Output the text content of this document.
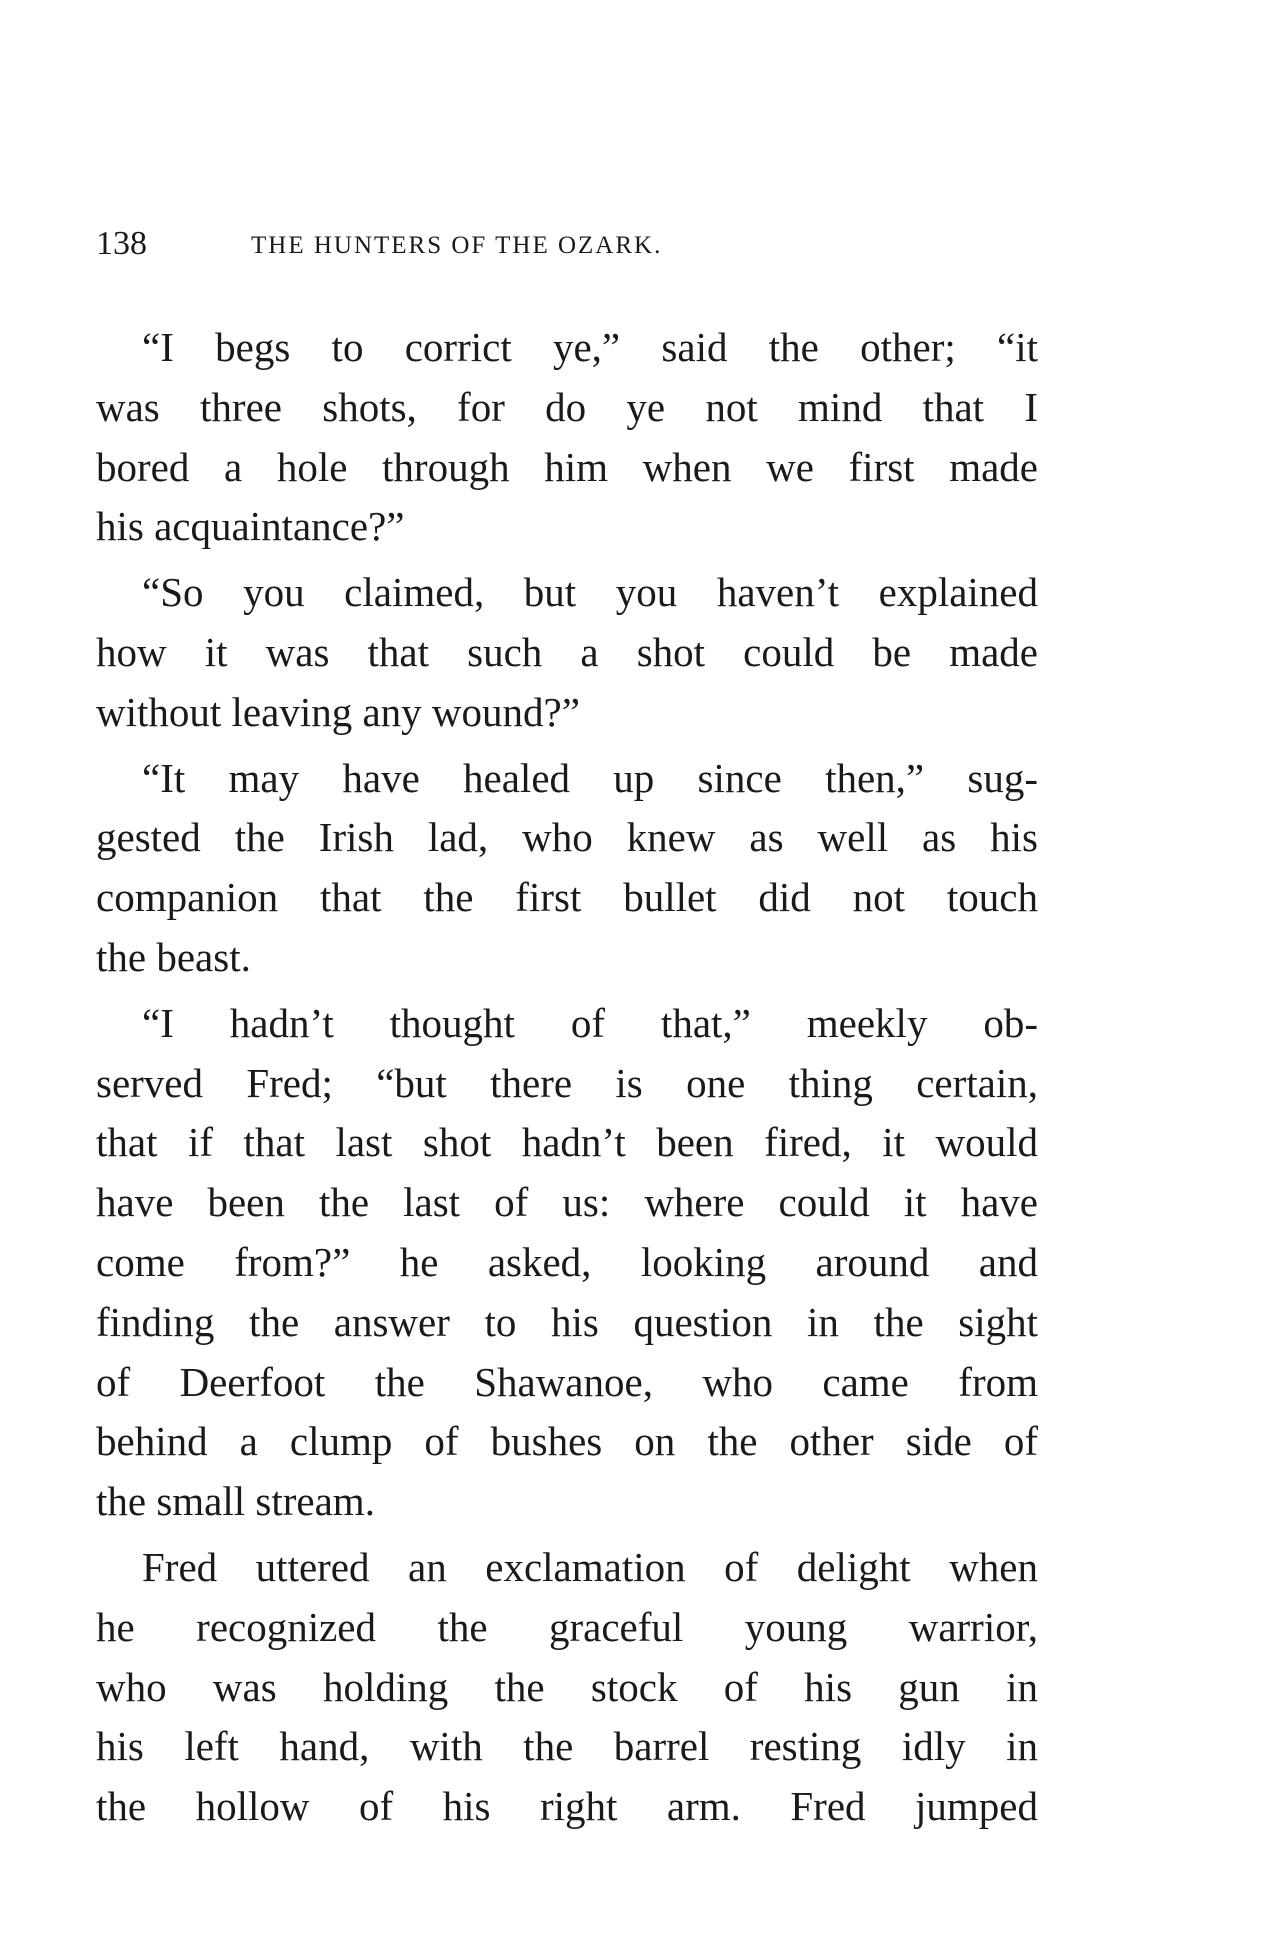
138	THE HUNTERS OF THE OZARK.
“I begs to corrict ye,” said the other; “it
was three shots, for do ye not mind that I
bored a hole through him when we first made
his acquaintance?”
“So you claimed, but you haven’t explained
how it was that such a shot could be made
without leaving any wound?”
“It may have healed up since then,” sug-
gested the Irish lad, who knew as well as his
companion that the first bullet did not touch
the beast.
“I hadn’t thought of that,” meekly ob-
served Fred; “but there is one thing certain,
that if that last shot hadn’t been fired, it would
have been the last of us: where could it have
come from?” he asked, looking around and
finding the answer to his question in the sight
of Deerfoot the Shawanoe, who came from
behind a clump of bushes on the other side of
the small stream.
Fred uttered an exclamation of delight when
he recognized the graceful young warrior,
who was holding the stock of his gun in
his left hand, with the barrel resting idly in
the hollow of his right arm. Fred jumped
